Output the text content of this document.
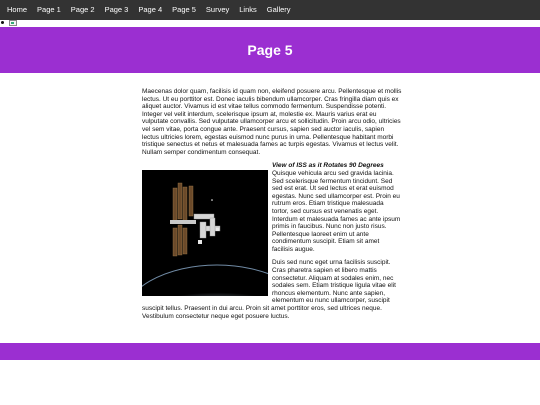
Home	Page 1	Page 2	Page 3	Page 4	Page 5	Survey	Links	Gallery
Page 5

Maecenas dolor quam, facilisis id quam non, eleifend posuere arcu. Pellentesque et mollis lectus. Ut eu porttitor est. Donec iaculis bibendum ullamcorper. Cras fringilla diam quis ex aliquet auctor. Vivamus id est vitae tellus commodo fermentum. Suspendisse potenti. Integer vel velit interdum, scelerisque ipsum at, molestie ex. Mauris varius erat eu vulputate convallis. Sed vulputate ullamcorper arcu et sollicitudin. Proin arcu odio, ultricies vel sem vitae, porta congue ante. Praesent cursus, sapien sed auctor iaculis, sapien lectus ultricies lorem, egestas euismod nunc purus in urna. Pellentesque habitant morbi tristique senectus et netus et malesuada fames ac turpis egestas. Vivamus et lectus velit. Nullam semper condimentum consequat.

View of ISS as it Rotates 90 Degrees

Quisque vehicula arcu sed gravida lacinia. Sed scelerisque fermentum tincidunt. Sed sed est erat. Ut sed lectus et erat euismod egestas. Nunc sed ullamcorper est. Proin eu rutrum eros. Etiam tristique malesuada tortor, sed cursus est venenatis eget. Interdum et malesuada fames ac ante ipsum primis in faucibus. Nunc non justo risus. Pellentesque laoreet enim ut ante condimentum suscipit. Etiam sit amet facilisis augue.

Duis sed nunc eget urna facilisis suscipit. Cras pharetra sapien et libero mattis consectetur. Aliquam at sodales enim, nec sodales sem. Etiam tristique ligula vitae elit rhoncus elementum. Nunc ante sapien, elementum eu nunc ullamcorper, suscipit suscipit tellus. Praesent in dui arcu. Proin sit amet porttitor eros, sed ultrices neque. Vestibulum consectetur neque eget posuere luctus.
